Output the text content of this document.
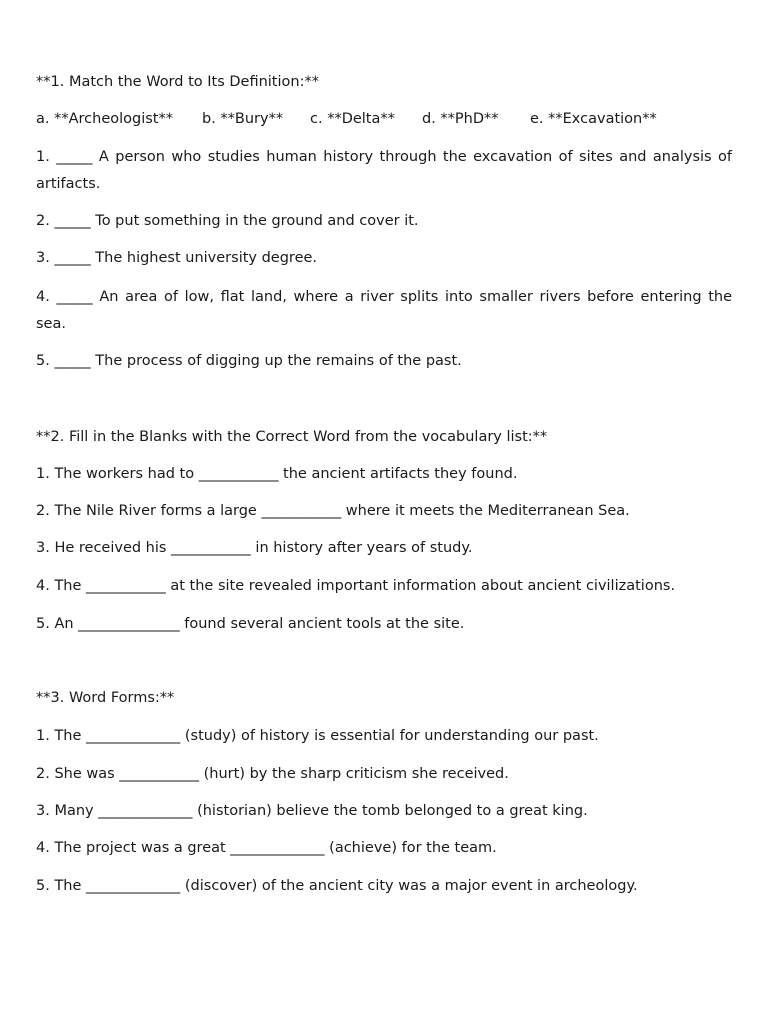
**1. Match the Word to Its Definition:**
a. **Archeologist** b. **Bury** c. **Delta** d. **PhD** e. **Excavation**
1. _____ A person who studies human history through the excavation of sites and analysis of artifacts.
2. _____ To put something in the ground and cover it.
3. _____ The highest university degree.
4. _____ An area of low, flat land, where a river splits into smaller rivers before entering the sea.
5. _____ The process of digging up the remains of the past.
**2. Fill in the Blanks with the Correct Word from the vocabulary list:**
1. The workers had to ___________ the ancient artifacts they found.
2. The Nile River forms a large ___________ where it meets the Mediterranean Sea.
3. He received his ___________ in history after years of study.
4. The ___________ at the site revealed important information about ancient civilizations.
5. An ______________ found several ancient tools at the site.
**3. Word Forms:**
1. The _____________ (study) of history is essential for understanding our past.
2. She was ___________ (hurt) by the sharp criticism she received.
3. Many _____________ (historian) believe the tomb belonged to a great king.
4. The project was a great _____________ (achieve) for the team.
5. The _____________ (discover) of the ancient city was a major event in archeology.
